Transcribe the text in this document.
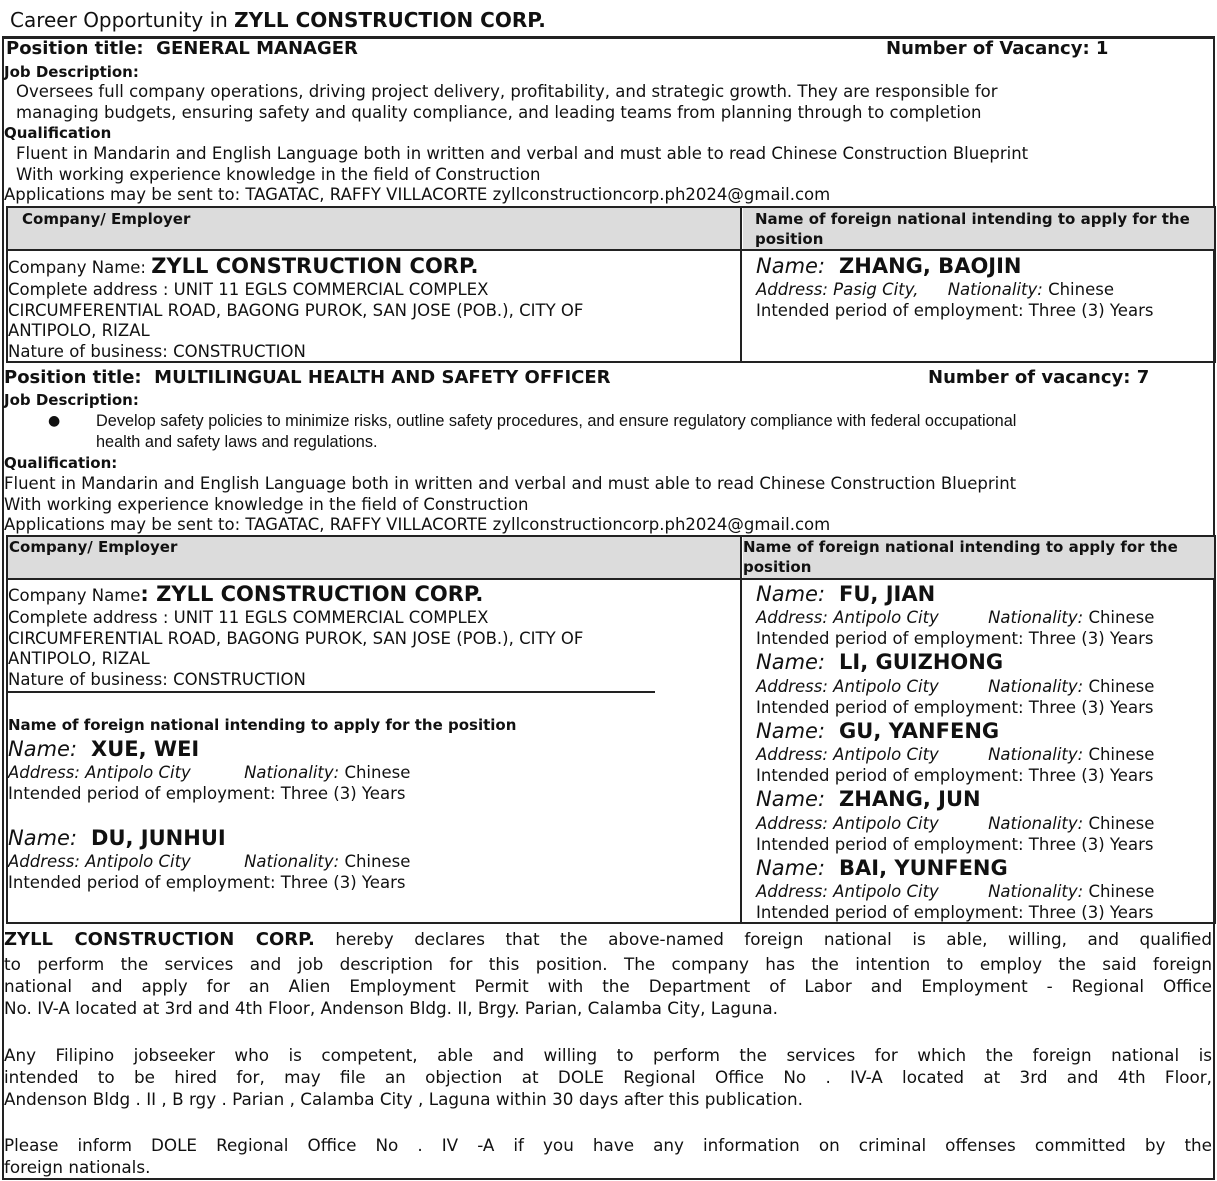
Career Opportunity in ZYLL CONSTRUCTION CORP.
Position title: GENERAL MANAGER	Number of Vacancy: 1
Job Description:
Oversees full company operations, driving project delivery, profitability, and strategic growth. They are responsible for
managing budgets, ensuring safety and quality compliance, and leading teams from planning through to completion
Qualification
Fluent in Mandarin and English Language both in written and verbal and must able to read Chinese Construction Blueprint
With working experience knowledge in the field of Construction
Applications may be sent to: TAGATAC, RAFFY VILLACORTE zyllconstructioncorp.ph2024@gmail.com
Company/ Employer	Name of foreign national intending to apply for the position
Company Name: ZYLL CONSTRUCTION CORP.
Complete address : UNIT 11 EGLS COMMERCIAL COMPLEX
CIRCUMFERENTIAL ROAD, BAGONG PUROK, SAN JOSE (POB.), CITY OF
ANTIPOLO, RIZAL
Nature of business: CONSTRUCTION
Name: ZHANG, BAOJIN
Address: Pasig City, Nationality: Chinese
Intended period of employment: Three (3) Years
Position title: MULTILINGUAL HEALTH AND SAFETY OFFICER	Number of vacancy: 7
Job Description:
● Develop safety policies to minimize risks, outline safety procedures, and ensure regulatory compliance with federal occupational
health and safety laws and regulations.
Qualification:
Fluent in Mandarin and English Language both in written and verbal and must able to read Chinese Construction Blueprint
With working experience knowledge in the field of Construction
Applications may be sent to: TAGATAC, RAFFY VILLACORTE zyllconstructioncorp.ph2024@gmail.com
Company/ Employer	Name of foreign national intending to apply for the position
Company Name: ZYLL CONSTRUCTION CORP.
Complete address : UNIT 11 EGLS COMMERCIAL COMPLEX
CIRCUMFERENTIAL ROAD, BAGONG PUROK, SAN JOSE (POB.), CITY OF
ANTIPOLO, RIZAL
Nature of business: CONSTRUCTION
Name of foreign national intending to apply for the position
Name: XUE, WEI
Address: Antipolo City	Nationality: Chinese
Intended period of employment: Three (3) Years
Name: DU, JUNHUI
Address: Antipolo City	Nationality: Chinese
Intended period of employment: Three (3) Years
Name: FU, JIAN
Address: Antipolo City	Nationality: Chinese
Intended period of employment: Three (3) Years
Name: LI, GUIZHONG
Address: Antipolo City	Nationality: Chinese
Intended period of employment: Three (3) Years
Name: GU, YANFENG
Address: Antipolo City	Nationality: Chinese
Intended period of employment: Three (3) Years
Name: ZHANG, JUN
Address: Antipolo City	Nationality: Chinese
Intended period of employment: Three (3) Years
Name: BAI, YUNFENG
Address: Antipolo City	Nationality: Chinese
Intended period of employment: Three (3) Years
ZYLL CONSTRUCTION CORP. hereby declares that the above-named foreign national is able, willing, and qualified
to perform the services and job description for this position. The company has the intention to employ the said foreign
national and apply for an Alien Employment Permit with the Department of Labor and Employment - Regional Office
No. IV-A located at 3rd and 4th Floor, Andenson Bldg. II, Brgy. Parian, Calamba City, Laguna.
Any Filipino jobseeker who is competent, able and willing to perform the services for which the foreign national is
intended to be hired for, may file an objection at DOLE Regional Office No . IV-A located at 3rd and 4th Floor,
Andenson Bldg . II , B rgy . Parian , Calamba City , Laguna within 30 days after this publication.
Please inform DOLE Regional Office No . IV -A if you have any information on criminal offenses committed by the
foreign nationals.
